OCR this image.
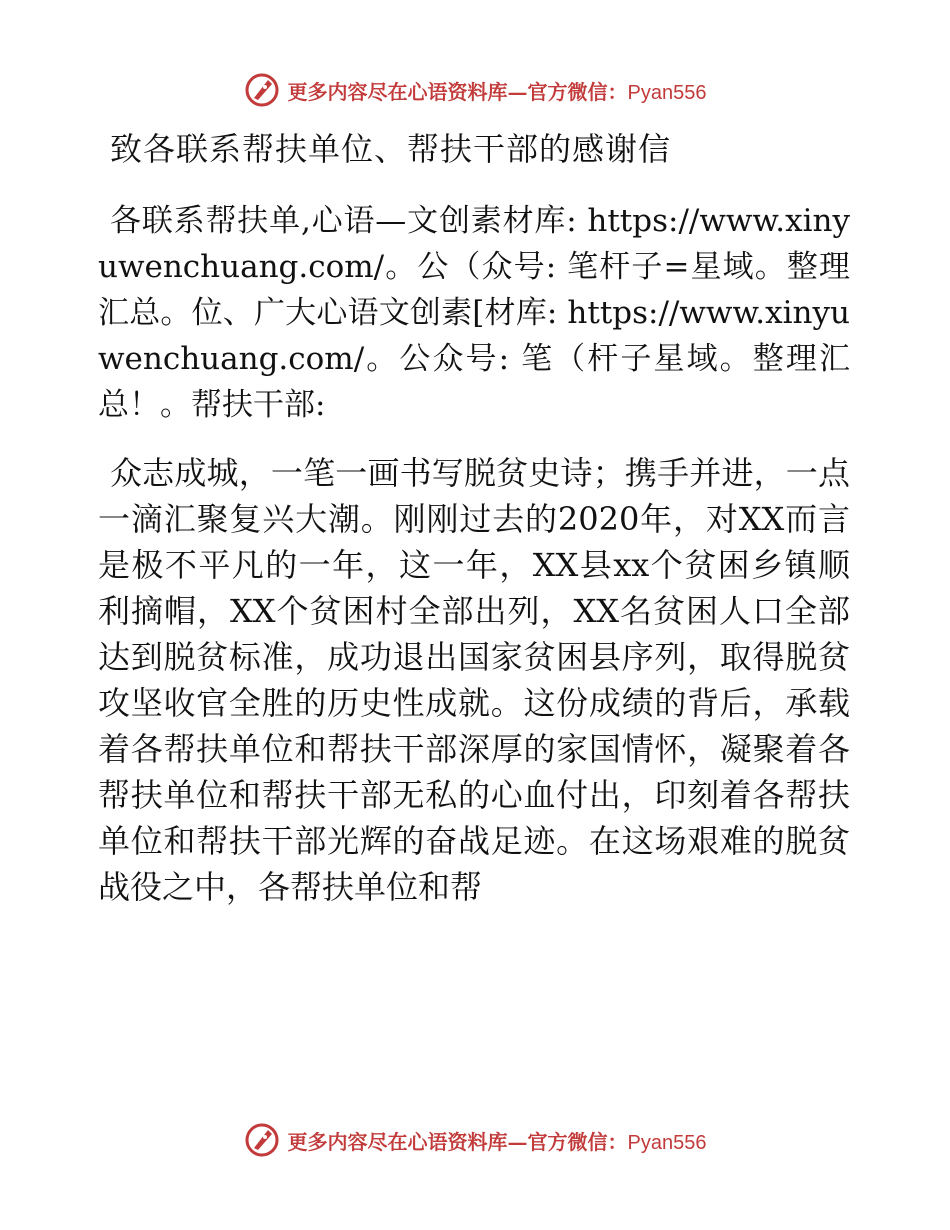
更多内容尽在心语资料库—官方微信：Pyan556
致各联系帮扶单位、帮扶干部的感谢信

各联系帮扶单,心语—文创素材库: https://www.xinyuwenchuang.com/。公（众号: 笔杆子=星域。整理汇总。位、广大心语文创素[材库: https://www.xinyuwenchuang.com/。公众号: 笔（杆子星域。整理汇总！。帮扶干部:

众志成城，一笔一画书写脱贫史诗；携手并进，一点一滴汇聚复兴大潮。刚刚过去的2020年，对XX而言是极不平凡的一年，这一年，XX县xx个贫困乡镇顺利摘帽，XX个贫困村全部出列，XX名贫困人口全部达到脱贫标准，成功退出国家贫困县序列，取得脱贫攻坚收官全胜的历史性成就。这份成绩的背后，承载着各帮扶单位和帮扶干部深厚的家国情怀，凝聚着各帮扶单位和帮扶干部无私的心血付出，印刻着各帮扶单位和帮扶干部光辉的奋战足迹。在这场艰难的脱贫战役之中，各帮扶单位和帮

更多内容尽在心语资料库—官方微信：Pyan556
